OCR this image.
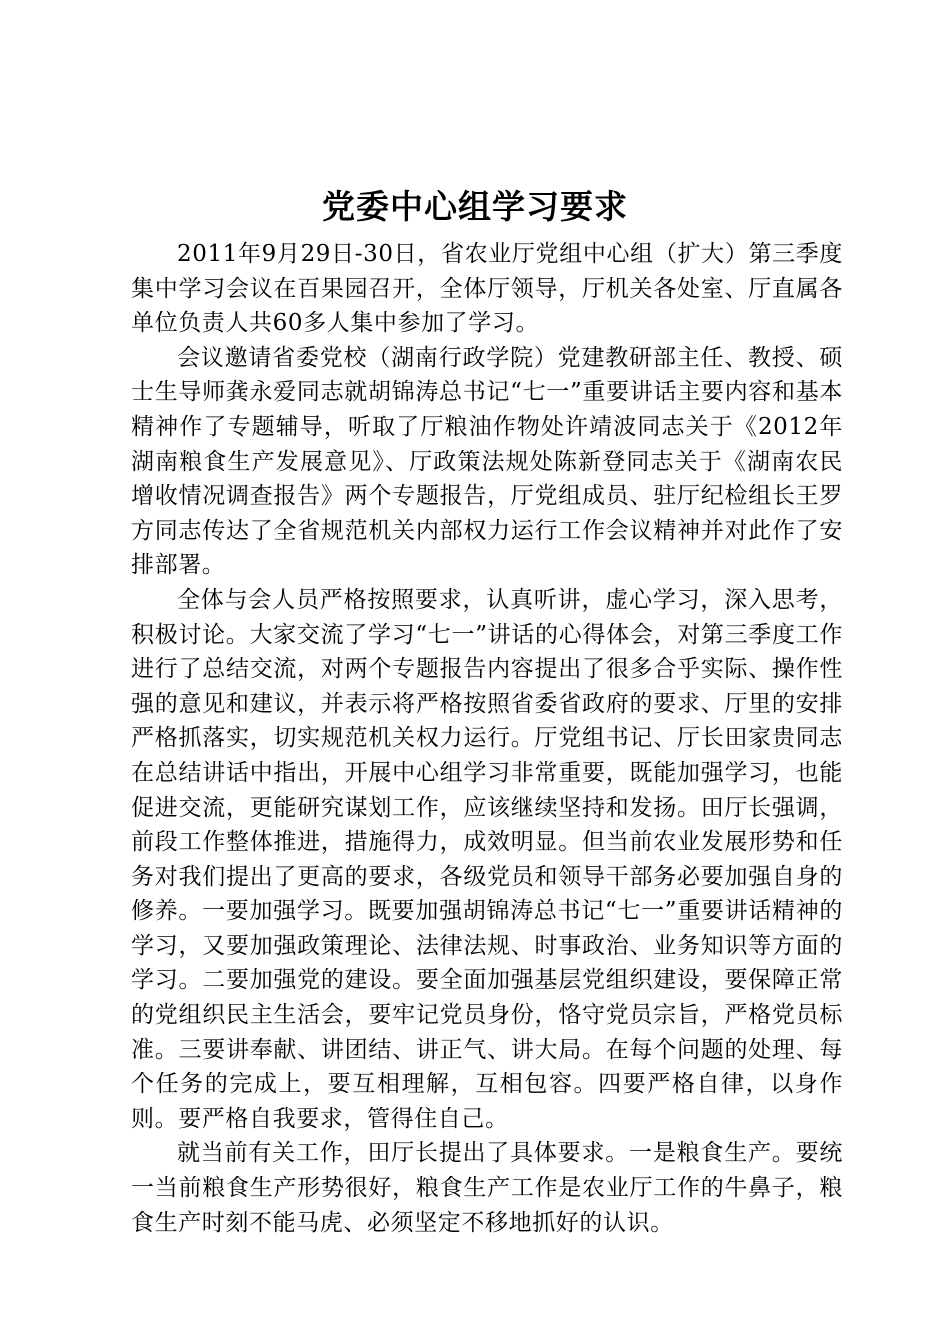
党委中心组学习要求

2011年9月29日-30日，省农业厅党组中心组（扩大）第三季度集中学习会议在百果园召开，全体厅领导，厅机关各处室、厅直属各单位负责人共60多人集中参加了学习。

会议邀请省委党校（湖南行政学院）党建教研部主任、教授、硕士生导师龚永爱同志就胡锦涛总书记“七一”重要讲话主要内容和基本精神作了专题辅导，听取了厅粮油作物处许靖波同志关于《2012年湖南粮食生产发展意见》、厅政策法规处陈新登同志关于《湖南农民增收情况调查报告》两个专题报告，厅党组成员、驻厅纪检组长王罗方同志传达了全省规范机关内部权力运行工作会议精神并对此作了安排部署。

全体与会人员严格按照要求，认真听讲，虚心学习，深入思考，积极讨论。大家交流了学习“七一”讲话的心得体会，对第三季度工作进行了总结交流，对两个专题报告内容提出了很多合乎实际、操作性强的意见和建议，并表示将严格按照省委省政府的要求、厅里的安排严格抓落实，切实规范机关权力运行。厅党组书记、厅长田家贵同志在总结讲话中指出，开展中心组学习非常重要，既能加强学习，也能促进交流，更能研究谋划工作，应该继续坚持和发扬。田厅长强调，前段工作整体推进，措施得力，成效明显。但当前农业发展形势和任务对我们提出了更高的要求，各级党员和领导干部务必要加强自身的修养。一要加强学习。既要加强胡锦涛总书记“七一”重要讲话精神的学习，又要加强政策理论、法律法规、时事政治、业务知识等方面的学习。二要加强党的建设。要全面加强基层党组织建设，要保障正常的党组织民主生活会，要牢记党员身份，恪守党员宗旨，严格党员标准。三要讲奉献、讲团结、讲正气、讲大局。在每个问题的处理、每个任务的完成上，要互相理解，互相包容。四要严格自律，以身作则。要严格自我要求，管得住自己。

就当前有关工作，田厅长提出了具体要求。一是粮食生产。要统一当前粮食生产形势很好，粮食生产工作是农业厅工作的牛鼻子，粮食生产时刻不能马虎、必须坚定不移地抓好的认识。
